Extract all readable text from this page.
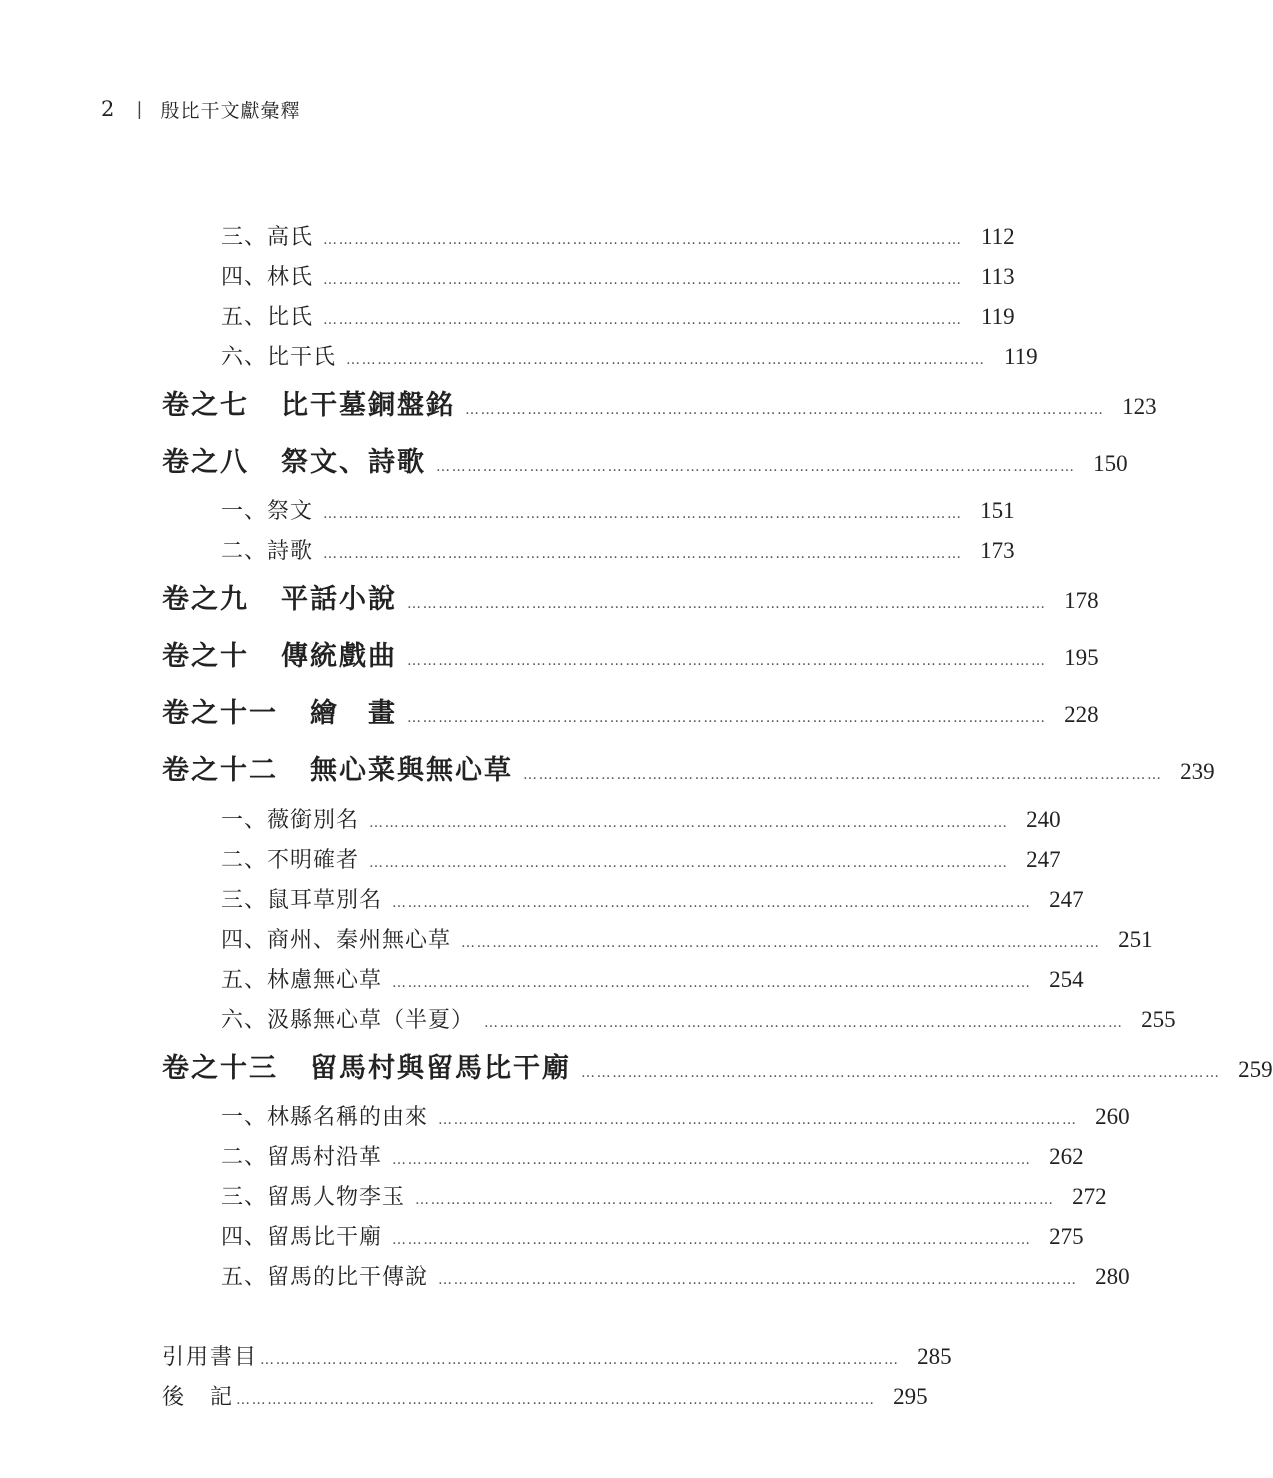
2 | 殷比干文獻彙釋
三、高氏 …………………………………………………………………………………………………………… 112
四、林氏 …………………………………………………………………………………………………………… 113
五、比氏 …………………………………………………………………………………………………………… 119
六、比干氏 …………………………………………………………………………………………………………… 119
卷之七 比干墓銅盤銘 …………………………………………………………………………………………………………… 123
卷之八 祭文、詩歌 …………………………………………………………………………………………………………… 150
一、祭文 …………………………………………………………………………………………………………… 151
二、詩歌 …………………………………………………………………………………………………………… 173
卷之九 平話小說 …………………………………………………………………………………………………………… 178
卷之十 傳統戲曲 …………………………………………………………………………………………………………… 195
卷之十一 繪　畫 …………………………………………………………………………………………………………… 228
卷之十二 無心菜與無心草 …………………………………………………………………………………………………………… 239
一、薇銜別名 …………………………………………………………………………………………………………… 240
二、不明確者 …………………………………………………………………………………………………………… 247
三、鼠耳草別名 …………………………………………………………………………………………………………… 247
四、商州、秦州無心草 …………………………………………………………………………………………………………… 251
五、林慮無心草 …………………………………………………………………………………………………………… 254
六、汲縣無心草（半夏） …………………………………………………………………………………………………………… 255
卷之十三 留馬村與留馬比干廟 …………………………………………………………………………………………………………… 259
一、林縣名稱的由來 …………………………………………………………………………………………………………… 260
二、留馬村沿革 …………………………………………………………………………………………………………… 262
三、留馬人物李玉 …………………………………………………………………………………………………………… 272
四、留馬比干廟 …………………………………………………………………………………………………………… 275
五、留馬的比干傳說 …………………………………………………………………………………………………………… 280
引用書目 …………………………………………………………………………………………………………… 285
後　記 …………………………………………………………………………………………………………… 295
